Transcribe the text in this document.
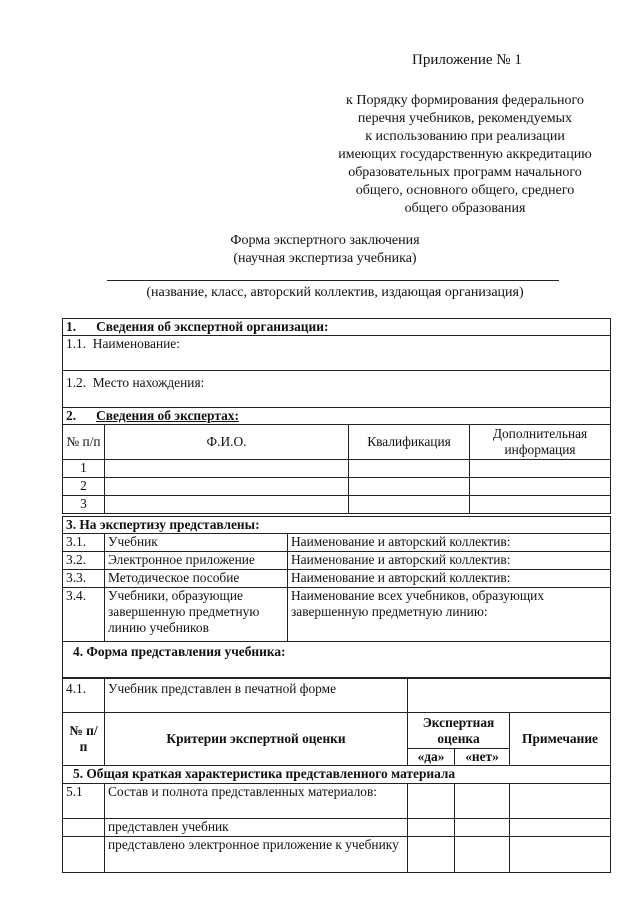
Приложение № 1
к Порядку формирования федерального
перечня учебников, рекомендуемых
к использованию при реализации
имеющих государственную аккредитацию
образовательных программ начального
общего, основного общего, среднего
общего образования
Форма экспертного заключения
(научная экспертиза учебника)
(название, класс, авторский коллектив, издающая организация)
1. Сведения об экспертной организации:			
1.1. Наименование:			
1.2. Место нахождения:			
2. Сведения об экспертах:			
№ п/п	Ф.И.О.	Квалификация	Дополнительная информация
1			
2			
3			
3. На экспертизу представлены:		
3.1.	Учебник	Наименование и авторский коллектив:
3.2.	Электронное приложение	Наименование и авторский коллектив:
3.3.	Методическое пособие	Наименование и авторский коллектив:
3.4.	Учебники, образующие завершенную предметную линию учебников	Наименование всех учебников, образующих завершенную предметную линию:
4. Форма представления учебника:		
4.1.	Учебник представлен в печатной форме	
№ п/п	Критерии экспертной оценки	Экспертная оценка		Примечание
		«да»	«нет»	
5. Общая краткая характеристика представленного материала				
5.1	Состав и полнота представленных материалов:			
	представлен учебник			
	представлено электронное приложение к учебнику			
